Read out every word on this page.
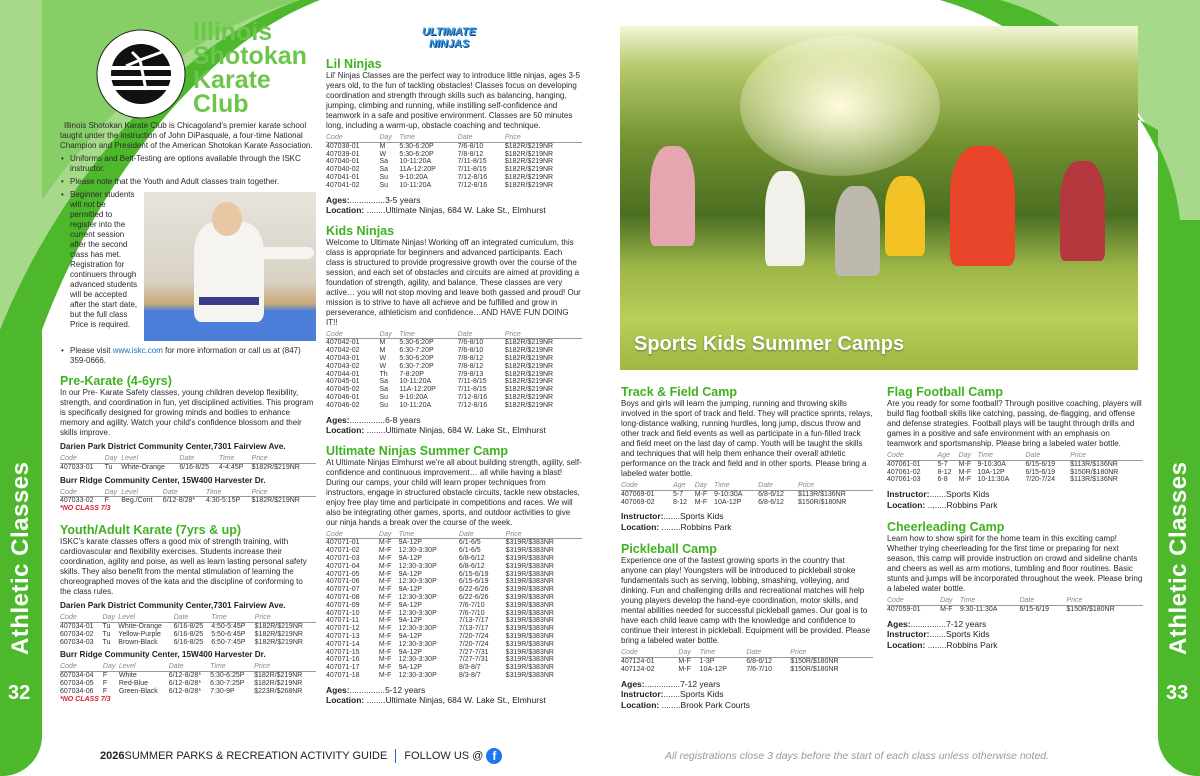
Athletic Classes
32
Athletic Classes
33
Illinois
Shotokan
Karate
Club

Illinois Shotokan Karate Club is Chicagoland's premier karate school taught under the instruction of John DiPasquale, a four-time National Champion and President of the American Shotokan Karate Association.

• Uniforms and Belt-Testing are options available through the ISKC instructor.
• Please note that the Youth and Adult classes train together.
• Beginner students will not be permitted to register into the current session after the second class has met. Registration for continuers through advanced students will be accepted after the start date, but the full class Price is required.
• Please visit www.iskc.com for more information or call us at (847) 359-0666.
Pre-Karate (4-6yrs)

In our Pre- Karate Safety classes, young children develop flexibility, strength, and coordination in fun, yet disciplined activities. This program is specifically designed for growing minds and bodies to enhance memory and agility. Watch your child's confidence blossom and their skills improve.

Darien Park District Community Center,7301 Fairview Ave.
Code	Day	Level	Date	Time	Price
407033-01	Tu	White-Orange	6/16-8/25	4-4:45P	$182R/$219NR
Burr Ridge Community Center, 15W400 Harvester Dr.
Code	Day	Level	Date	Time	Price
407033-02	F	Beg./Cont	6/12-8/28*	4:30-5:15P	$182R/$219NR
*NO CLASS 7/3
Youth/Adult Karate (7yrs & up)

ISKC's karate classes offers a good mix of strength training, with cardiovascular and flexibility exercises. Students increase their coordination, agility and poise, as well as learn lasting personal safety skills. They also benefit from the mental stimulation of learning the choreographed moves of the kata and the discipline of conforming to the class rules.

Darien Park District Community Center,7301 Fairview Ave.
Code	Day	Level	Date	Time	Price
407034-01	Tu	White-Orange	6/16-8/25	4:50-5:45P	$182R/$219NR
607034-02	Tu	Yellow-Purple	6/16-8/25	5:50-6:45P	$182R/$219NR
607034-03	Tu	Brown-Black	6/16-8/25	6:50-7:45P	$182R/$219NR
Burr Ridge Community Center, 15W400 Harvester Dr.
Code	Day	Level	Date	Time	Price
607034-04	F	White	6/12-8/28*	5:30-6:25P	$182R/$219NR
607034-05	F	Red-Blue	6/12-8/28*	6:30-7:25P	$182R/$219NR
607034-06	F	Green-Black	6/12-8/28*	7:30-9P	$223R/$268NR
*NO CLASS 7/3
ULTIMATE NINJAS
Lil Ninjas

Lil' Ninjas Classes are the perfect way to introduce little ninjas, ages 3-5 years old, to the fun of tackling obstacles! Classes focus on developing coordination and strength through skills such as balancing, hanging, jumping, climbing and running, while instilling self-confidence and teamwork in a safe and positive environment. Classes are 50 minutes long, including a warm-up, obstacle coaching and technique.

Code	Day	Time	Date	Price
407038-01	M	5:30-6:20P	7/6-8/10	$182R/$219NR
407039-01	W	5:30-6:20P	7/8-8/12	$182R/$219NR
407040-01	Sa	10-11:20A	7/11-8/15	$182R/$219NR
407040-02	Sa	11A-12:20P	7/11-8/15	$182R/$219NR
407041-01	Su	9-10:20A	7/12-8/16	$182R/$219NR
407041-02	Su	10-11:20A	7/12-8/16	$182R/$219NR
Ages: .....	3-5 years
Location: ........	Ultimate Ninjas, 684 W. Lake St., Elmhurst
Kids Ninjas

Welcome to Ultimate Ninjas! Working off an integrated curriculum, this class is appropriate for beginners and advanced participants. Each class is structured to provide progressive growth over the course of the session, and each set of obstacles and circuits are aimed at providing a foundation of strength, agility, and balance. These classes are very active… you will not stop moving and leave both gassed and proud! Our mission is to strive to have all achieve and be fulfilled and grow in perseverance, athleticism and confidence…AND HAVE FUN DOING IT!!

Code	Day	Time	Date	Price
407042-01	M	5:30-6:20P	7/6-8/10	$182R/$219NR
407042-02	M	6:30-7:20P	7/6-8/10	$182R/$219NR
407043-01	W	5:30-6:20P	7/8-8/12	$182R/$219NR
407043-02	W	6:30-7:20P	7/8-8/12	$182R/$219NR
407044-01	Th	7-8:20P	7/9-8/13	$182R/$219NR
407045-01	Sa	10-11:20A	7/11-8/15	$182R/$219NR
407045-02	Sa	11A-12:20P	7/11-8/15	$182R/$219NR
407046-01	Su	9-10:20A	7/12-8/16	$182R/$219NR
407046-02	Su	10-11:20A	7/12-8/16	$182R/$219NR
Ages: .....	6-8 years
Location: ........	Ultimate Ninjas, 684 W. Lake St., Elmhurst
Ultimate Ninjas Summer Camp

At Ultimate Ninjas Elmhurst we're all about building strength, agility, self-confidence and continuous improvement… all while having a blast! During our camps, your child will learn proper techniques from instructors, engage in structured obstacle circuits, tackle new obstacles, enjoy free play time and participate in competitions and races. We will also be integrating other games, sports, and outdoor activities to give our ninja hands a break over the course of the week.

Code	Day	Time	Date	Price
407071-01	M-F	9A-12P	6/1-6/5	$319R/$383NR
407071-02	M-F	12:30-3:30P	6/1-6/5	$319R/$383NR
407071-03	M-F	9A-12P	6/8-6/12	$319R/$383NR
407071-04	M-F	12:30-3:30P	6/8-6/12	$319R/$383NR
407071-05	M-F	9A-12P	6/15-6/19	$319R/$383NR
407071-06	M-F	12:30-3:30P	6/15-6/19	$319R/$383NR
407071-07	M-F	9A-12P	6/22-6/26	$319R/$383NR
407071-08	M-F	12:30-3:30P	6/22-6/26	$319R/$383NR
407071-09	M-F	9A-12P	7/6-7/10	$319R/$383NR
407071-10	M-F	12:30-3:30P	7/6-7/10	$319R/$383NR
407071-11	M-F	9A-12P	7/13-7/17	$319R/$383NR
407071-12	M-F	12:30-3:30P	7/13-7/17	$319R/$383NR
407071-13	M-F	9A-12P	7/20-7/24	$319R/$383NR
407071-14	M-F	12:30-3:30P	7/20-7/24	$319R/$383NR
407071-15	M-F	9A-12P	7/27-7/31	$319R/$383NR
407071-16	M-F	12:30-3:30P	7/27-7/31	$319R/$383NR
407071-17	M-F	9A-12P	8/3-8/7	$319R/$383NR
407071-18	M-F	12:30-3:30P	8/3-8/7	$319R/$383NR
Ages: .....	5-12 years
Location: ........	Ultimate Ninjas, 684 W. Lake St., Elmhurst
Sports Kids Summer Camps
Track & Field Camp

Boys and girls will learn the jumping, running and throwing skills involved in the sport of track and field. They will practice sprints, relays, long-distance walking, running hurdles, long jump, discus throw and other track and field events as well as participate in a fun-filled track and field meet on the last day of camp. Youth will be taught the skills and techniques that will help them enhance their overall athletic performance on the track and field and in other sports. Please bring a labeled water bottle.

Code	Age	Day	Time	Date	Price
407069-01	5-7	M-F	9-10:30A	6/8-6/12	$113R/$136NR
407069-02	8-12	M-F	10A-12P	6/8-6/12	$150R/$180NR
Instructor: ....... Sports Kids
Location: ........	Robbins Park
Pickleball Camp

Experience one of the fastest growing sports in the country that anyone can play! Youngsters will be introduced to pickleball stroke fundamentals such as serving, lobbing, smashing, volleying, and dinking. Fun and challenging drills and recreational matches will help young players develop the hand-eye coordination, motor skills, and mental abilities needed for successful pickleball games. Our goal is to have each child leave camp with the knowledge and confidence to continue their interest in pickleball. Equipment will be provided. Please bring a labeled water bottle.

Code	Day	Time	Date	Price
407124-01	M-F	1-3P	6/8-6/12	$150R/$180NR
407124-02	M-F	10A-12P	7/6-7/10	$150R/$180NR
Ages: .....	7-12 years
Instructor: ....... Sports Kids
Location: ........	Brook Park Courts
Flag Football Camp

Are you ready for some football? Through positive coaching, players will build flag football skills like catching, passing, de-flagging, and offense and defense strategies. Football plays will be taught through drills and games in a positive and safe environment with an emphasis on teamwork and sportsmanship. Please bring a labeled water bottle.

Code	Age	Day	Time	Date	Price
407061-01	5-7	M-F	9-10:30A	6/15-6/19	$113R/$136NR
407061-02	8-12	M-F	10A-12P	6/15-6/19	$150R/$180NR
407061-03	6-8	M-F	10-11:30A	7/20-7/24	$113R/$136NR
Instructor: ....... Sports Kids
Location: ........	Robbins Park
Cheerleading Camp

Learn how to show spirit for the home team in this exciting camp! Whether trying cheerleading for the first time or preparing for next season, this camp will provide instruction on crowd and sideline chants and cheers as well as arm motions, tumbling and floor routines. Basic stunts and jumps will be incorporated throughout the week. Please bring a labeled water bottle.

Code	Day	Time	Date	Price
407059-01	M-F	9:30-11:30A	6/15-6/19	$150R/$180NR
Ages: .....	7-12 years
Instructor: ....... Sports Kids
Location: ........	Robbins Park
2026 SUMMER PARKS & RECREATION ACTIVITY GUIDE FOLLOW US @ f	All registrations close 3 days before the start of each class unless otherwise noted.
